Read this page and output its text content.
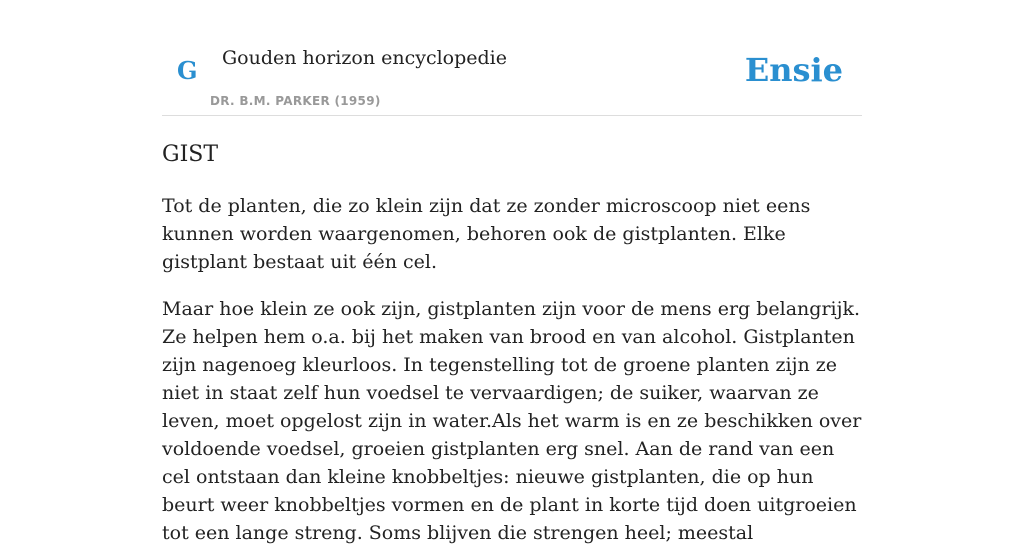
G Gouden horizon encyclopedie
DR. B.M. PARKER (1959)
Ensie
GIST

Tot de planten, die zo klein zijn dat ze zonder microscoop niet eens kunnen worden waargenomen, behoren ook de gistplanten. Elke gistplant bestaat uit één cel.

Maar hoe klein ze ook zijn, gistplanten zijn voor de mens erg belangrijk. Ze helpen hem o.a. bij het maken van brood en van alcohol. Gistplanten zijn nagenoeg kleurloos. In tegenstelling tot de groene planten zijn ze niet in staat zelf hun voedsel te vervaardigen; de suiker, waarvan ze leven, moet opgelost zijn in water.Als het warm is en ze beschikken over voldoende voedsel, groeien gistplanten erg snel. Aan de rand van een cel ontstaan dan kleine knobbeltjes: nieuwe gistplanten, die op hun beurt weer knobbeltjes vormen en de plant in korte tijd doen uitgroeien tot een lange streng. Soms blijven die strengen heel; meestal
